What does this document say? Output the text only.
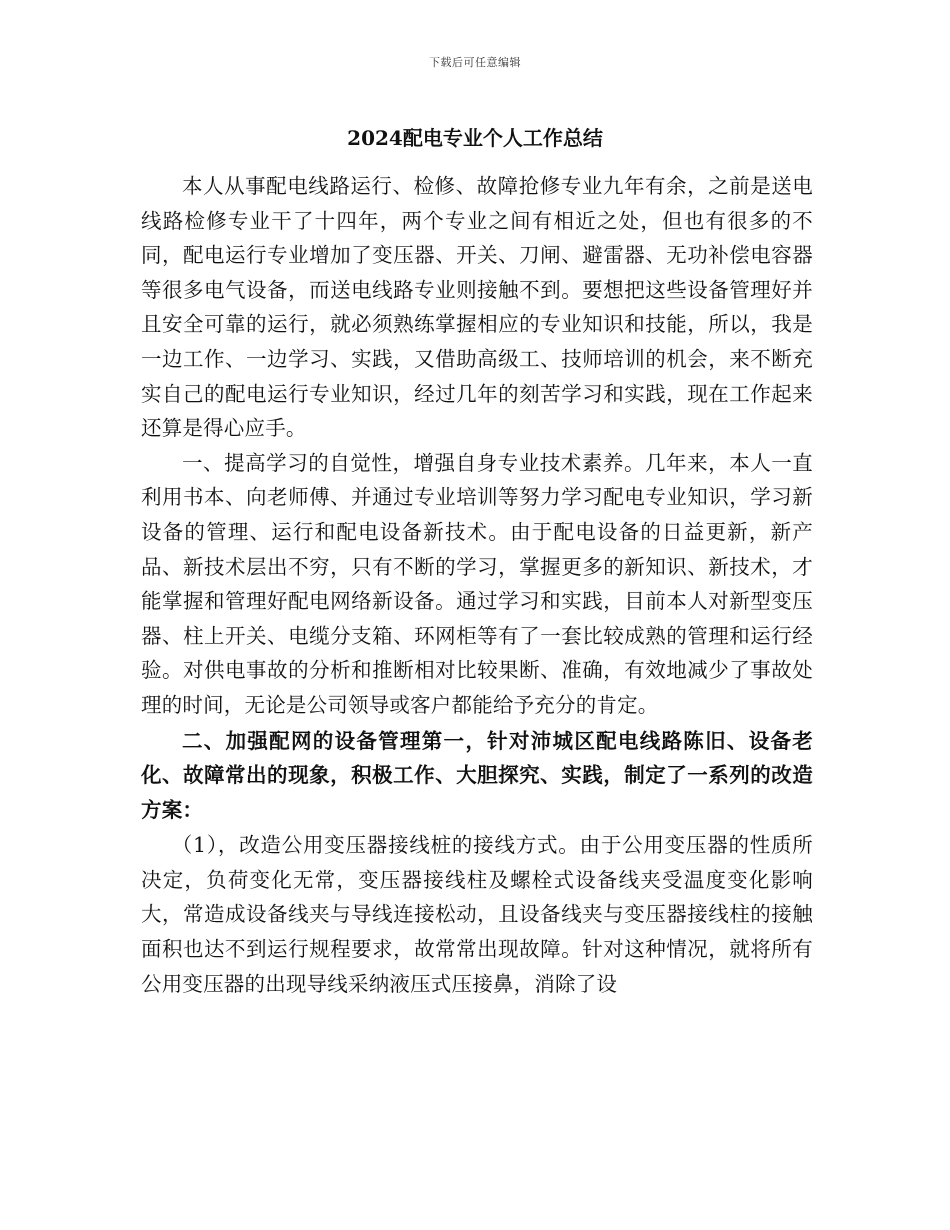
下载后可任意编辑
2024配电专业个人工作总结

本人从事配电线路运行、检修、故障抢修专业九年有余，之前是送电线路检修专业干了十四年，两个专业之间有相近之处，但也有很多的不同，配电运行专业增加了变压器、开关、刀闸、避雷器、无功补偿电容器等很多电气设备，而送电线路专业则接触不到。要想把这些设备管理好并且安全可靠的运行，就必须熟练掌握相应的专业知识和技能，所以，我是一边工作、一边学习、实践，又借助高级工、技师培训的机会，来不断充实自己的配电运行专业知识，经过几年的刻苦学习和实践，现在工作起来还算是得心应手。

一、提高学习的自觉性，增强自身专业技术素养。几年来，本人一直利用书本、向老师傅、并通过专业培训等努力学习配电专业知识，学习新设备的管理、运行和配电设备新技术。由于配电设备的日益更新，新产品、新技术层出不穷，只有不断的学习，掌握更多的新知识、新技术，才能掌握和管理好配电网络新设备。通过学习和实践，目前本人对新型变压器、柱上开关、电缆分支箱、环网柜等有了一套比较成熟的管理和运行经验。对供电事故的分析和推断相对比较果断、准确，有效地减少了事故处理的时间，无论是公司领导或客户都能给予充分的肯定。

二、加强配网的设备管理第一，针对沛城区配电线路陈旧、设备老化、故障常出的现象，积极工作、大胆探究、实践，制定了一系列的改造方案：

（1），改造公用变压器接线桩的接线方式。由于公用变压器的性质所决定，负荷变化无常，变压器接线柱及螺栓式设备线夹受温度变化影响大，常造成设备线夹与导线连接松动，且设备线夹与变压器接线柱的接触面积也达不到运行规程要求，故常常出现故障。针对这种情况，就将所有公用变压器的出现导线采纳液压式压接鼻，消除了设
